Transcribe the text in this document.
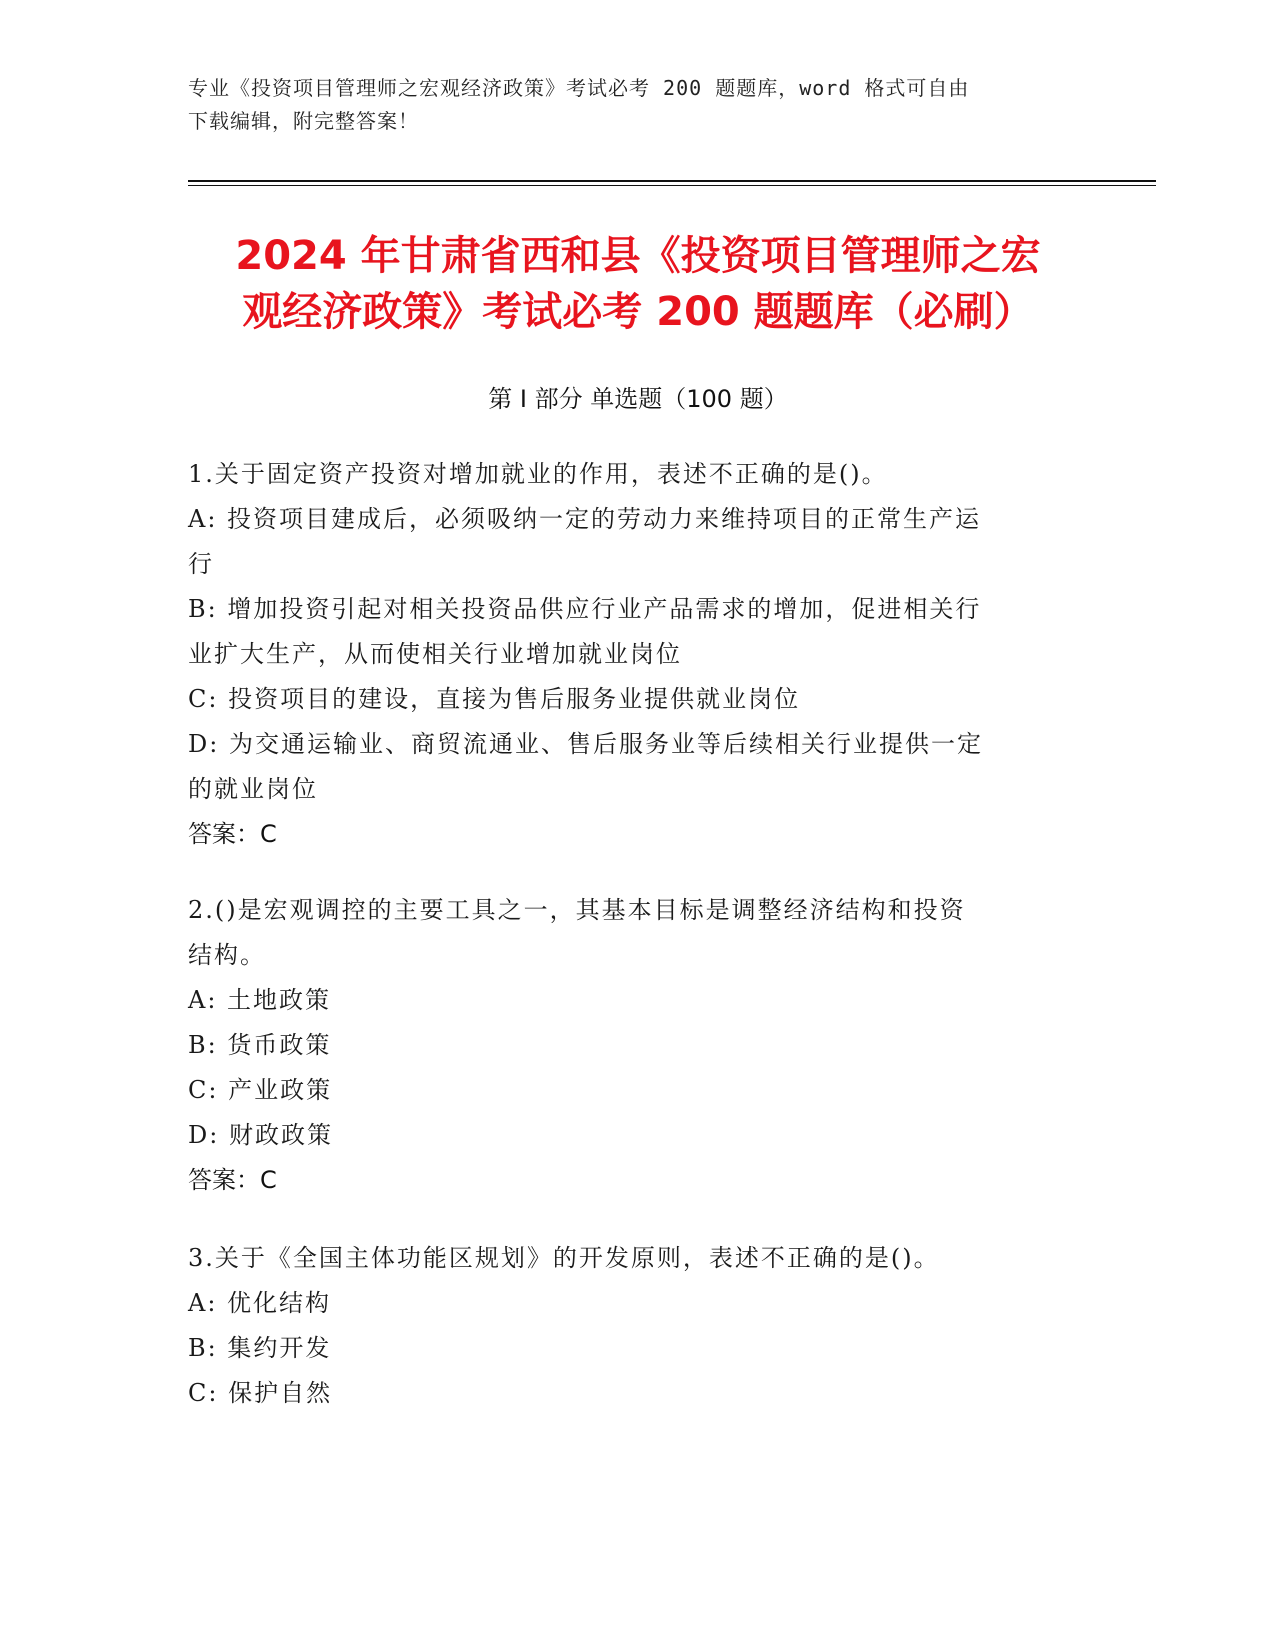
专业《投资项目管理师之宏观经济政策》考试必考 200 题题库，word 格式可自由
下载编辑，附完整答案！
2024 年甘肃省西和县《投资项目管理师之宏
观经济政策》考试必考 200 题题库（必刷）
第 I 部分 单选题（100 题）

1.关于固定资产投资对增加就业的作用，表述不正确的是()。

A: 投资项目建成后，必须吸纳一定的劳动力来维持项目的正常生产运

行

B: 增加投资引起对相关投资品供应行业产品需求的增加，促进相关行

业扩大生产，从而使相关行业增加就业岗位

C: 投资项目的建设，直接为售后服务业提供就业岗位

D: 为交通运输业、商贸流通业、售后服务业等后续相关行业提供一定

的就业岗位

答案：C

2.()是宏观调控的主要工具之一，其基本目标是调整经济结构和投资

结构。

A: 土地政策

B: 货币政策

C: 产业政策

D: 财政政策

答案：C

3.关于《全国主体功能区规划》的开发原则，表述不正确的是()。

A: 优化结构

B: 集约开发

C: 保护自然
